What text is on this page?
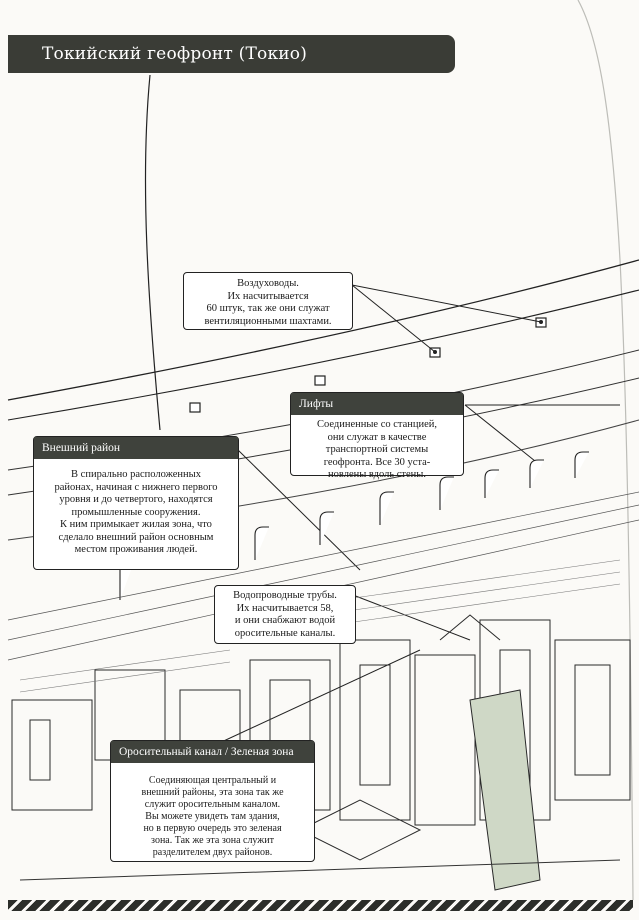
Токийский геофронт (Токио)
Воздуховоды.
Их насчитывается
60 штук, так же они служат
вентиляционными шахтами.
Лифты
Соединенные со станцией,
они служат в качестве
транспортной системы
геофронта. Все 30 уста-
новлены вдоль стены.
Внешний район
В спирально расположенных
районах, начиная с нижнего первого
уровня и до четвертого, находятся
промышленные сооружения.
К ним примыкает жилая зона, что
сделало внешний район основным
местом проживания людей.
Водопроводные трубы.
Их насчитывается 58,
и они снабжают водой
оросительные каналы.
Оросительный канал / Зеленая зона
Соединяющая центральный и
внешний районы, эта зона так же
служит оросительным каналом.
Вы можете увидеть там здания,
но в первую очередь это зеленая
зона. Так же эта зона служит
разделителем двух районов.
